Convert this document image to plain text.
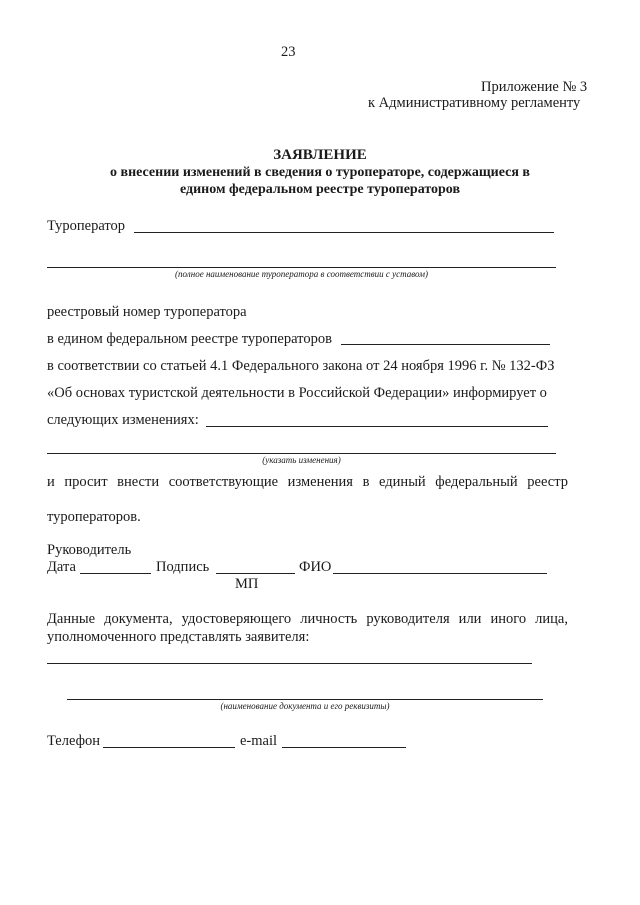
23
Приложение № 3
к Административному регламенту
ЗАЯВЛЕНИЕ
о внесении изменений в сведения о туроператоре, содержащиеся в
едином федеральном реестре туроператоров
Туроператор
(полное наименование туроператора в соответствии с уставом)
реестровый номер туроператора
в едином федеральном реестре туроператоров
в соответствии со статьей 4.1 Федерального закона от 24 ноября 1996 г. № 132-ФЗ
«Об основах туристской деятельности в Российской Федерации» информирует о
следующих изменениях:
(указать изменения)
и просит внести соответствующие изменения в единый федеральный реестр
туроператоров.
Руководитель
Дата	Подпись	ФИО
МП
Данные документа, удостоверяющего личность руководителя или иного лица,
уполномоченного представлять заявителя:
(наименование документа и его реквизиты)
Телефон	e-mail
